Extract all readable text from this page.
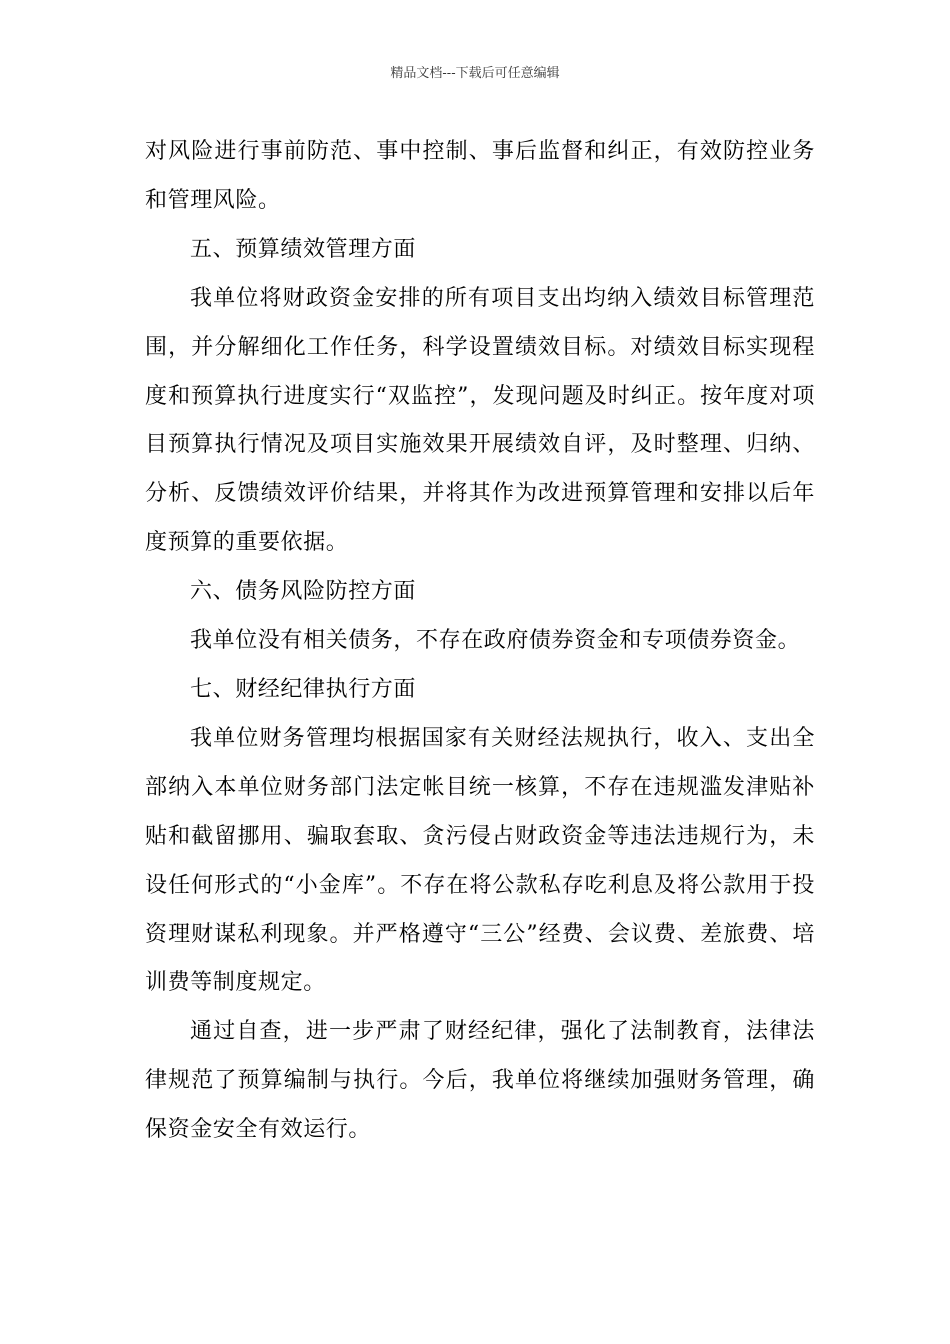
精品文档---下载后可任意编辑

对风险进行事前防范、事中控制、事后监督和纠正，有效防控业务和管理风险。

五、预算绩效管理方面

我单位将财政资金安排的所有项目支出均纳入绩效目标管理范围，并分解细化工作任务，科学设置绩效目标。对绩效目标实现程度和预算执行进度实行“双监控”，发现问题及时纠正。按年度对项目预算执行情况及项目实施效果开展绩效自评，及时整理、归纳、分析、反馈绩效评价结果，并将其作为改进预算管理和安排以后年度预算的重要依据。

六、债务风险防控方面

我单位没有相关债务，不存在政府债券资金和专项债券资金。

七、财经纪律执行方面

我单位财务管理均根据国家有关财经法规执行，收入、支出全部纳入本单位财务部门法定帐目统一核算，不存在违规滥发津贴补贴和截留挪用、骗取套取、贪污侵占财政资金等违法违规行为，未设任何形式的“小金库”。不存在将公款私存吃利息及将公款用于投资理财谋私利现象。并严格遵守“三公”经费、会议费、差旅费、培训费等制度规定。

通过自查，进一步严肃了财经纪律，强化了法制教育，法律法律规范了预算编制与执行。今后，我单位将继续加强财务管理，确保资金安全有效运行。
